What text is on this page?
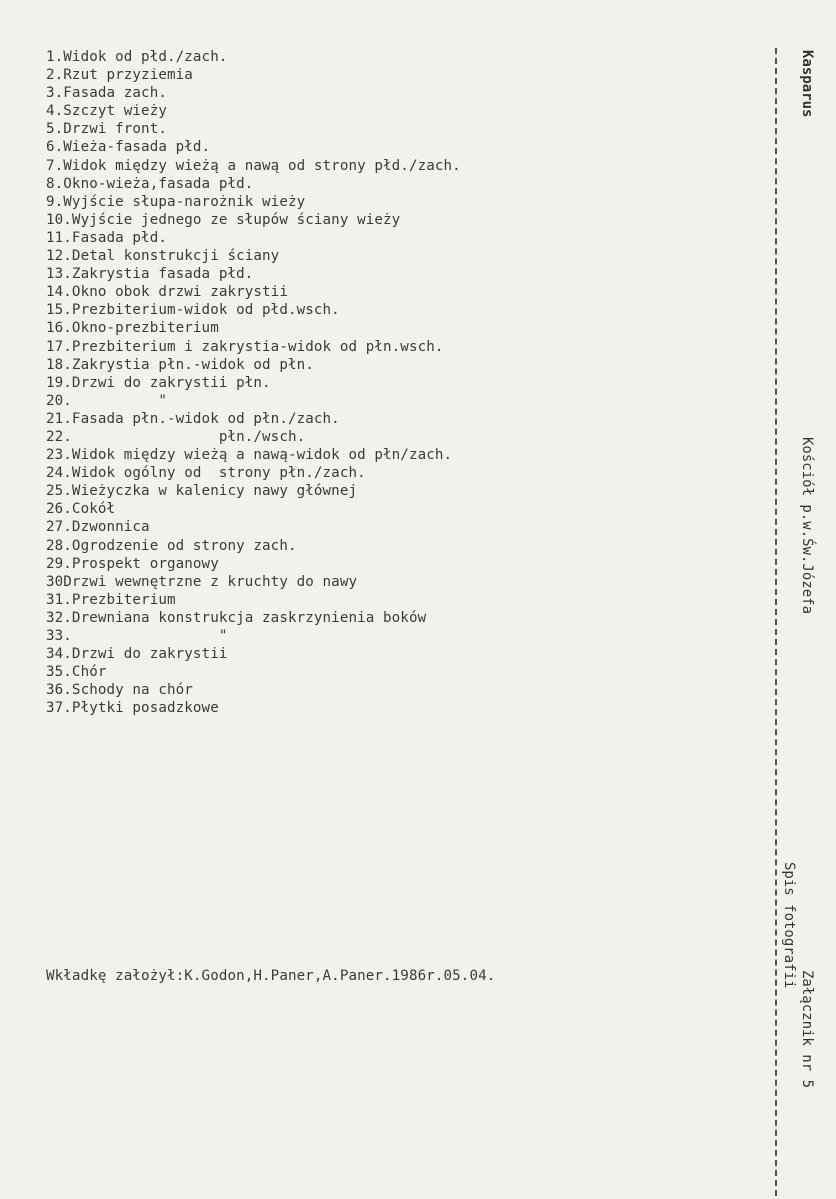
1.Widok od płd./zach.
2.Rzut przyziemia
3.Fasada zach.
4.Szczyt wieży
5.Drzwi front.
6.Wieża-fasada płd.
7.Widok między wieżą a nawą od strony płd./zach.
8.Okno-wieża,fasada płd.
9.Wyjście słupa-narożnik wieży
10.Wyjście jednego ze słupów ściany wieży
11.Fasada płd.
12.Detal konstrukcji ściany
13.Zakrystia fasada płd.
14.Okno obok drzwi zakrystii
15.Prezbiterium-widok od płd.wsch.
16.Okno-prezbiterium
17.Prezbiterium i zakrystia-widok od płn.wsch.
18.Zakrystia płn.-widok od płn.
19.Drzwi do zakrystii płn.
20.          "
21.Fasada płn.-widok od płn./zach.
22.                 płn./wsch.
23.Widok między wieżą a nawą-widok od płn/zach.
24.Widok ogólny od  strony płn./zach.
25.Wieżyczka w kalenicy nawy głównej
26.Cokół
27.Dzwonnica
28.Ogrodzenie od strony zach.
29.Prospekt organowy
30Drzwi wewnętrzne z kruchty do nawy
31.Prezbiterium
32.Drewniana konstrukcja zaskrzynienia boków
33.                 "
34.Drzwi do zakrystii
35.Chór
36.Schody na chór
37.Płytki posadzkowe
Wkładkę założył:K.Godon,H.Paner,A.Paner.1986r.05.04.
Kasparus
Kościół p.w.Św.Józefa
Spis fotografii
Załącznik nr 5
